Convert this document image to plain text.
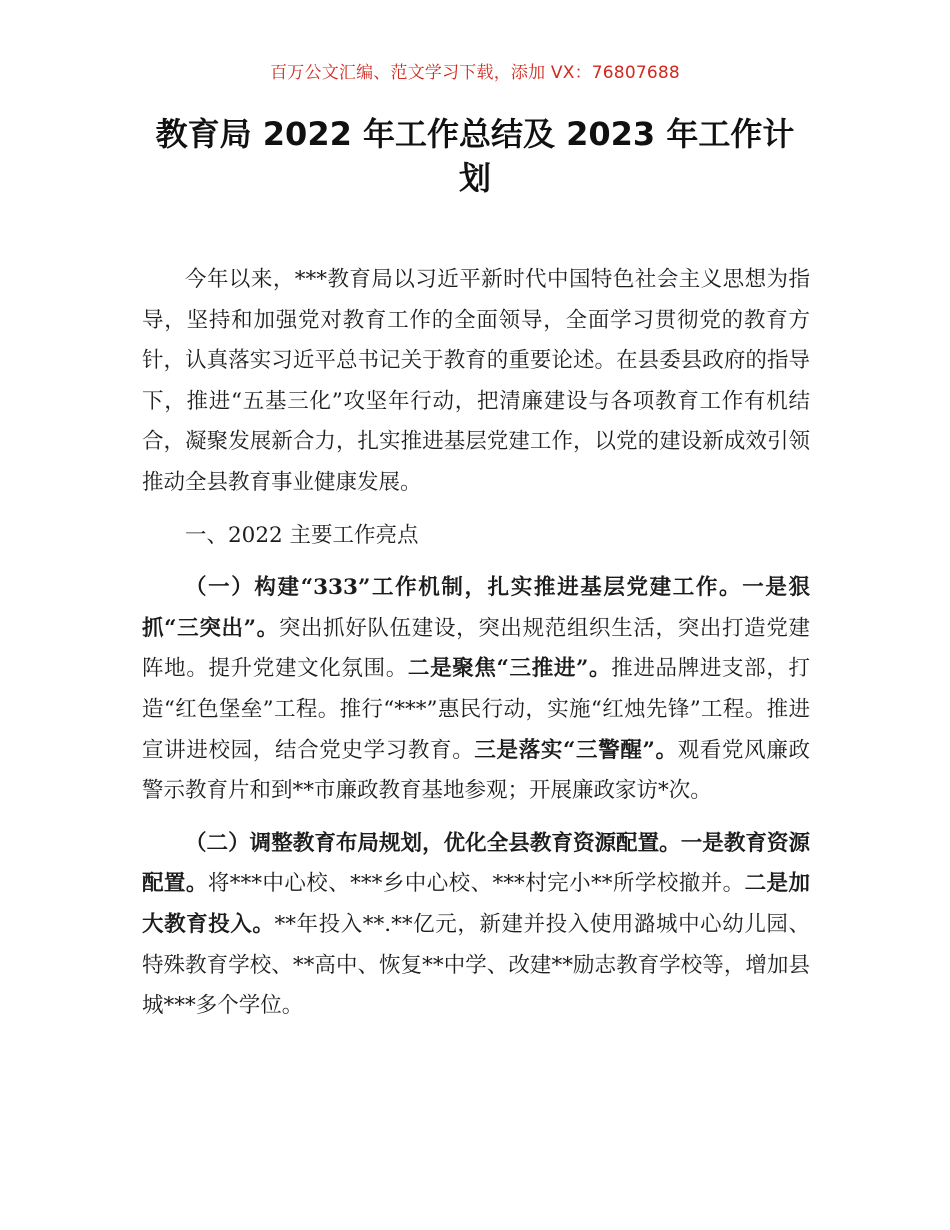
百万公文汇编、范文学习下载，添加 VX：76807688
教育局 2022 年工作总结及 2023 年工作计划

今年以来，***教育局以习近平新时代中国特色社会主义思想为指导，坚持和加强党对教育工作的全面领导，全面学习贯彻党的教育方针，认真落实习近平总书记关于教育的重要论述。在县委县政府的指导下，推进“五基三化”攻坚年行动，把清廉建设与各项教育工作有机结合，凝聚发展新合力，扎实推进基层党建工作，以党的建设新成效引领推动全县教育事业健康发展。

一、2022 主要工作亮点

（一）构建“333”工作机制，扎实推进基层党建工作。一是狠抓“三突出”。突出抓好队伍建设，突出规范组织生活，突出打造党建阵地。提升党建文化氛围。二是聚焦“三推进”。推进品牌进支部，打造“红色堡垒”工程。推行“***”惠民行动，实施“红烛先锋”工程。推进宣讲进校园，结合党史学习教育。三是落实“三警醒”。观看党风廉政警示教育片和到**市廉政教育基地参观；开展廉政家访*次。

（二）调整教育布局规划，优化全县教育资源配置。一是教育资源配置。将***中心校、***乡中心校、***村完小**所学校撤并。二是加大教育投入。**年投入**.**亿元，新建并投入使用潞城中心幼儿园、特殊教育学校、**高中、恢复**中学、改建**励志教育学校等，增加县城***多个学位。
